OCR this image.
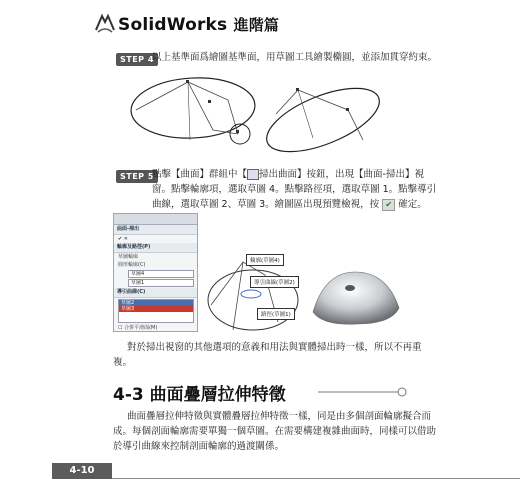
SolidWorks 進階篇
STEP 4
以上基準面爲繪圖基準面，用草圖工具繪製橢圓，並添加貫穿約束。
STEP 5
點擊【曲面】群組中【 掃出曲面】按鈕，出現【曲面-掃出】視
窗。點擊輪廓項，選取草圖 4。點擊路徑項，選取草圖 1。點擊導引
曲線，選取草圖 2、草圖 3。繪圖區出現預覽檢視，按 ✔ 確定。
曲面-掃出
✔ ✕
輪廓及路徑(P)
草圖輪廓
圓形輪廓(C)
草圖4
草圖1
導引曲線(C)
草圖2
草圖3
☐ 合併平滑面(M)
輪廓(草圖4)
導引曲線(草圖2)
路徑(草圖1)
對於掃出視窗的其他選項的意義和用法與實體掃出時一樣，所以不再重
複。
4-3 曲面疊層拉伸特徵
曲面疊層拉伸特徵與實體疊層拉伸特徵一樣，同是由多個剖面輪廓擬合而
成。每個剖面輪廓需要單獨一個草圖。在需要構建複雜曲面時，同樣可以借助
於導引曲線來控制剖面輪廓的過渡關係。
4-10
